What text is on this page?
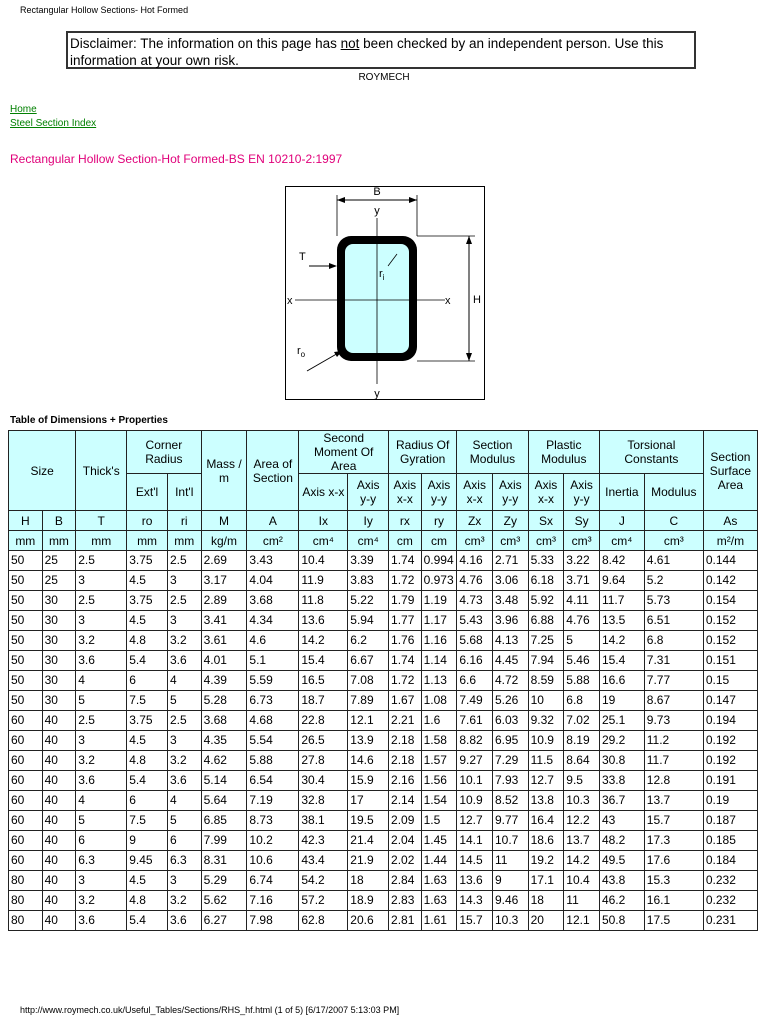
Rectangular Hollow Sections- Hot Formed
Disclaimer: The information on this page has not been checked by an independent person. Use this information at your own risk.
ROYMECH
Home
Steel Section Index
Rectangular Hollow Section-Hot Formed-BS EN 10210-2:1997
B
y
x	x
y
T
$r_i$
$r_o$
H
Table of Dimensions + Properties
Size		Thick's	Corner Radius		Mass / m	Area of Section	Second Moment Of Area		Radius Of Gyration		Section Modulus		Plastic Modulus		Torsional Constants		Section Surface Area
			Ext'l	Int'l			Axis x-x	Axis y-y	Axis x-x	Axis y-y	Axis x-x	Axis y-y	Axis x-x	Axis y-y	Inertia	Modulus	
H	B	T	ro	ri	M	A	Ix	Iy	rx	ry	Zx	Zy	Sx	Sy	J	C	As
mm	mm	mm	mm	mm	kg/m	cm²	cm⁴	cm⁴	cm	cm	cm³	cm³	cm³	cm³	cm⁴	cm³	m²/m
50	25	2.5	3.75	2.5	2.69	3.43	10.4	3.39	1.74	0.994	4.16	2.71	5.33	3.22	8.42	4.61	0.144
50	25	3	4.5	3	3.17	4.04	11.9	3.83	1.72	0.973	4.76	3.06	6.18	3.71	9.64	5.2	0.142
50	30	2.5	3.75	2.5	2.89	3.68	11.8	5.22	1.79	1.19	4.73	3.48	5.92	4.11	11.7	5.73	0.154
50	30	3	4.5	3	3.41	4.34	13.6	5.94	1.77	1.17	5.43	3.96	6.88	4.76	13.5	6.51	0.152
50	30	3.2	4.8	3.2	3.61	4.6	14.2	6.2	1.76	1.16	5.68	4.13	7.25	5	14.2	6.8	0.152
50	30	3.6	5.4	3.6	4.01	5.1	15.4	6.67	1.74	1.14	6.16	4.45	7.94	5.46	15.4	7.31	0.151
50	30	4	6	4	4.39	5.59	16.5	7.08	1.72	1.13	6.6	4.72	8.59	5.88	16.6	7.77	0.15
50	30	5	7.5	5	5.28	6.73	18.7	7.89	1.67	1.08	7.49	5.26	10	6.8	19	8.67	0.147
60	40	2.5	3.75	2.5	3.68	4.68	22.8	12.1	2.21	1.6	7.61	6.03	9.32	7.02	25.1	9.73	0.194
60	40	3	4.5	3	4.35	5.54	26.5	13.9	2.18	1.58	8.82	6.95	10.9	8.19	29.2	11.2	0.192
60	40	3.2	4.8	3.2	4.62	5.88	27.8	14.6	2.18	1.57	9.27	7.29	11.5	8.64	30.8	11.7	0.192
60	40	3.6	5.4	3.6	5.14	6.54	30.4	15.9	2.16	1.56	10.1	7.93	12.7	9.5	33.8	12.8	0.191
60	40	4	6	4	5.64	7.19	32.8	17	2.14	1.54	10.9	8.52	13.8	10.3	36.7	13.7	0.19
60	40	5	7.5	5	6.85	8.73	38.1	19.5	2.09	1.5	12.7	9.77	16.4	12.2	43	15.7	0.187
60	40	6	9	6	7.99	10.2	42.3	21.4	2.04	1.45	14.1	10.7	18.6	13.7	48.2	17.3	0.185
60	40	6.3	9.45	6.3	8.31	10.6	43.4	21.9	2.02	1.44	14.5	11	19.2	14.2	49.5	17.6	0.184
80	40	3	4.5	3	5.29	6.74	54.2	18	2.84	1.63	13.6	9	17.1	10.4	43.8	15.3	0.232
80	40	3.2	4.8	3.2	5.62	7.16	57.2	18.9	2.83	1.63	14.3	9.46	18	11	46.2	16.1	0.232
80	40	3.6	5.4	3.6	6.27	7.98	62.8	20.6	2.81	1.61	15.7	10.3	20	12.1	50.8	17.5	0.231
http://www.roymech.co.uk/Useful_Tables/Sections/RHS_hf.html (1 of 5) [6/17/2007 5:13:03 PM]
